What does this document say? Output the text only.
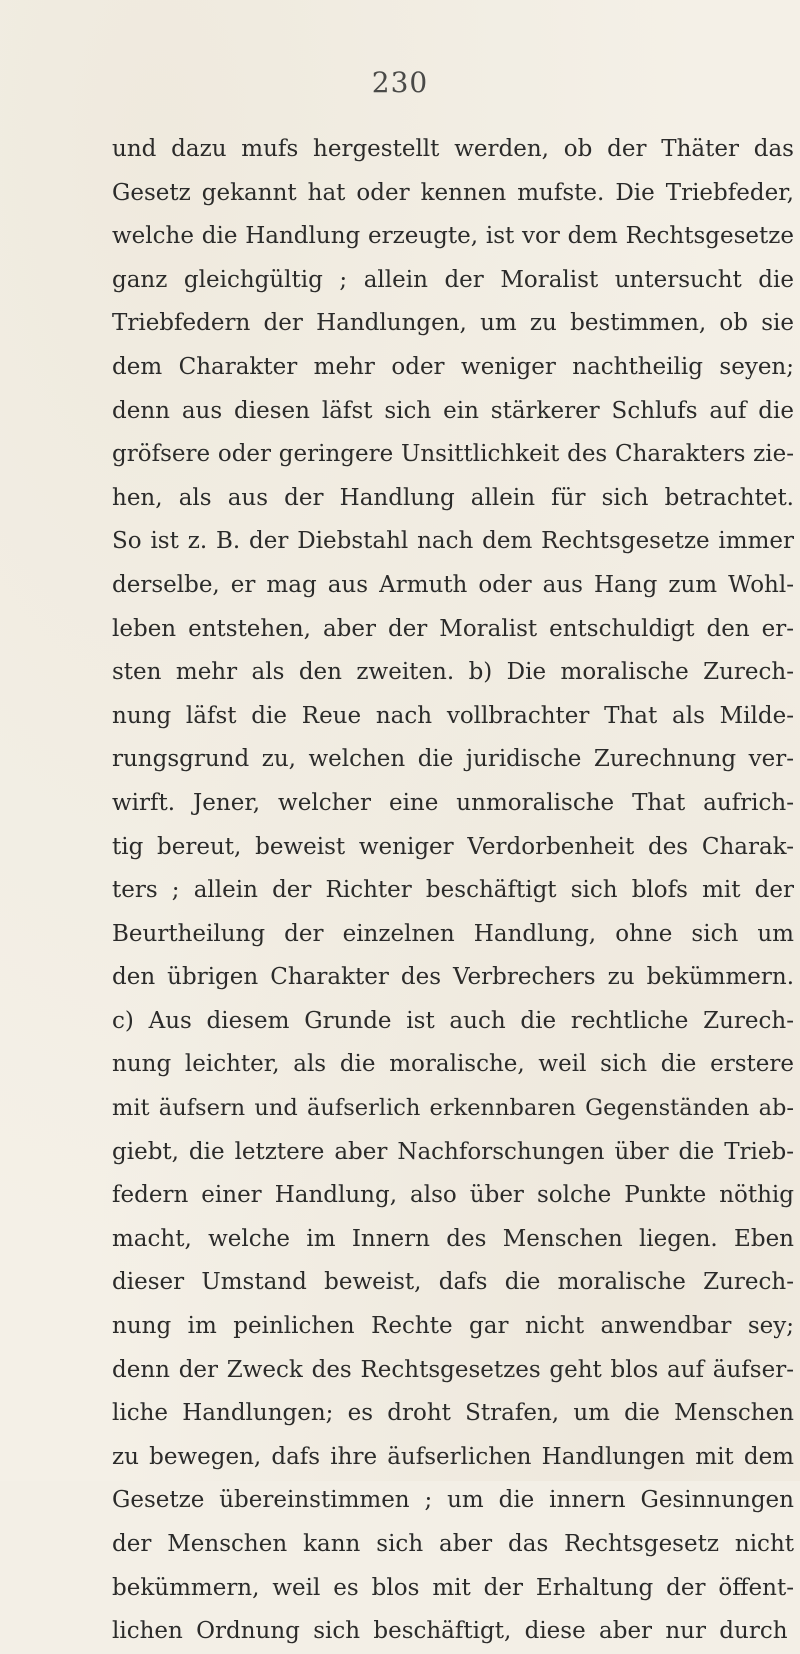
230
und dazu mufs hergestellt werden, ob der Thäter das
Gesetz gekannt hat oder kennen mufste. Die Triebfeder,
welche die Handlung erzeugte, ist vor dem Rechtsgesetze
ganz gleichgültig ; allein der Moralist untersucht die
Triebfedern der Handlungen, um zu bestimmen, ob sie
dem Charakter mehr oder weniger nachtheilig seyen;
denn aus diesen läfst sich ein stärkerer Schlufs auf die
gröfsere oder geringere Unsittlichkeit des Charakters zie-
hen, als aus der Handlung allein für sich betrachtet.
So ist z. B. der Diebstahl nach dem Rechtsgesetze immer
derselbe, er mag aus Armuth oder aus Hang zum Wohl-
leben entstehen, aber der Moralist entschuldigt den er-
sten mehr als den zweiten. b) Die moralische Zurech-
nung läfst die Reue nach vollbrachter That als Milde-
rungsgrund zu, welchen die juridische Zurechnung ver-
wirft. Jener, welcher eine unmoralische That aufrich-
tig bereut, beweist weniger Verdorbenheit des Charak-
ters ; allein der Richter beschäftigt sich blofs mit der
Beurtheilung der einzelnen Handlung, ohne sich um
den übrigen Charakter des Verbrechers zu bekümmern.
c) Aus diesem Grunde ist auch die rechtliche Zurech-
nung leichter, als die moralische, weil sich die erstere
mit äufsern und äufserlich erkennbaren Gegenständen ab-
giebt, die letztere aber Nachforschungen über die Trieb-
federn einer Handlung, also über solche Punkte nöthig
macht, welche im Innern des Menschen liegen. Eben
dieser Umstand beweist, dafs die moralische Zurech-
nung im peinlichen Rechte gar nicht anwendbar sey;
denn der Zweck des Rechtsgesetzes geht blos auf äufser-
liche Handlungen; es droht Strafen, um die Menschen
zu bewegen, dafs ihre äufserlichen Handlungen mit dem
Gesetze übereinstimmen ; um die innern Gesinnungen
der Menschen kann sich aber das Rechtsgesetz nicht
bekümmern, weil es blos mit der Erhaltung der öffent-
lichen Ordnung sich beschäftigt, diese aber nur durch
